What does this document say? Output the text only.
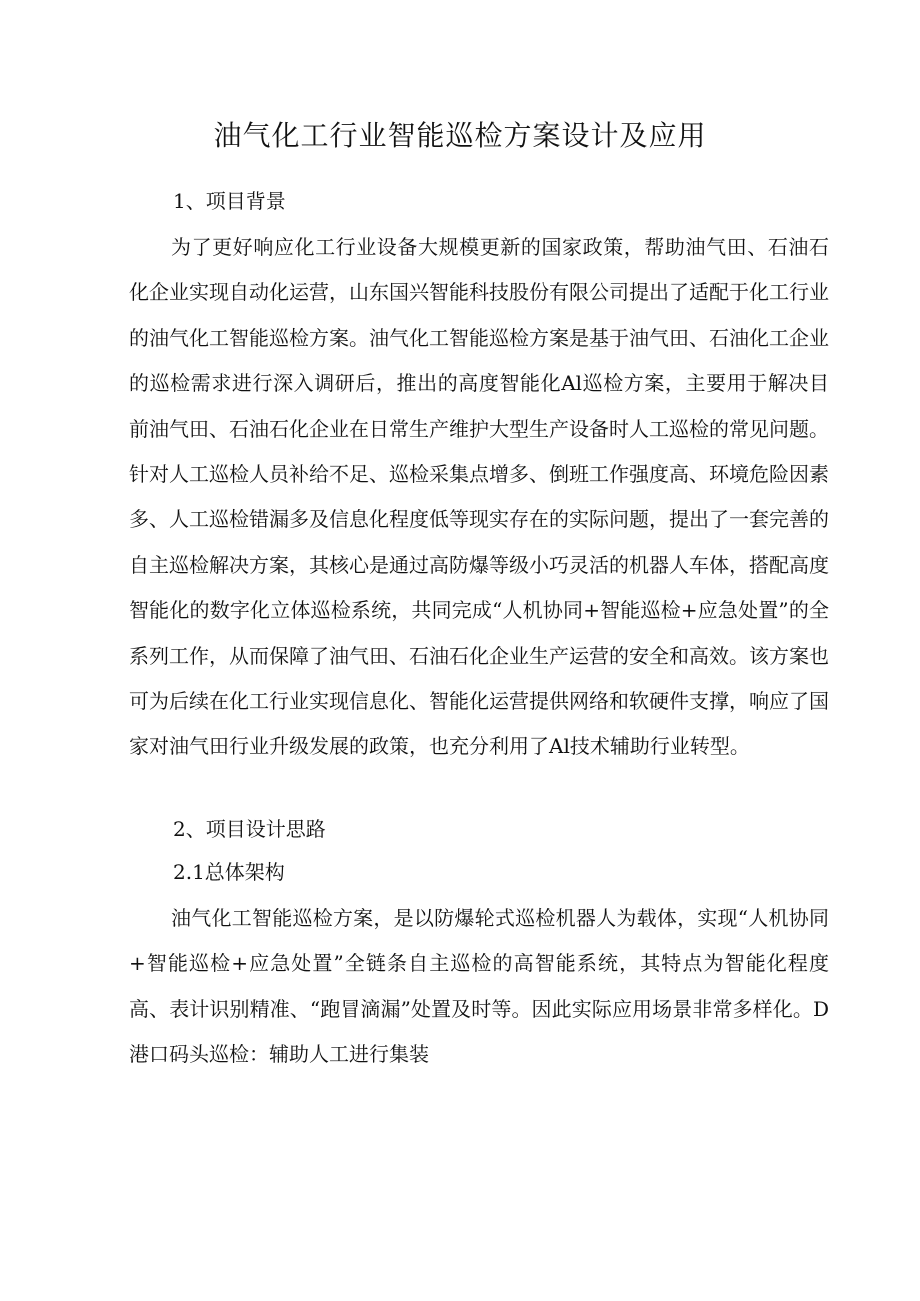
油气化工行业智能巡检方案设计及应用
1、项目背景

为了更好响应化工行业设备大规模更新的国家政策，帮助油气田、石油石化企业实现自动化运营，山东国兴智能科技股份有限公司提出了适配于化工行业的油气化工智能巡检方案。油气化工智能巡检方案是基于油气田、石油化工企业的巡检需求进行深入调研后，推出的高度智能化Al巡检方案，主要用于解决目前油气田、石油石化企业在日常生产维护大型生产设备时人工巡检的常见问题。针对人工巡检人员补给不足、巡检采集点增多、倒班工作强度高、环境危险因素多、人工巡检错漏多及信息化程度低等现实存在的实际问题，提出了一套完善的自主巡检解决方案，其核心是通过高防爆等级小巧灵活的机器人车体，搭配高度智能化的数字化立体巡检系统，共同完成“人机协同+智能巡检+应急处置”的全系列工作，从而保障了油气田、石油石化企业生产运营的安全和高效。该方案也可为后续在化工行业实现信息化、智能化运营提供网络和软硬件支撑，响应了国家对油气田行业升级发展的政策，也充分利用了Al技术辅助行业转型。

2、项目设计思路
2.1总体架构

油气化工智能巡检方案，是以防爆轮式巡检机器人为载体，实现“人机协同+智能巡检+应急处置”全链条自主巡检的高智能系统，其特点为智能化程度高、表计识别精准、“跑冒滴漏”处置及时等。因此实际应用场景非常多样化。D港口码头巡检：辅助人工进行集装
